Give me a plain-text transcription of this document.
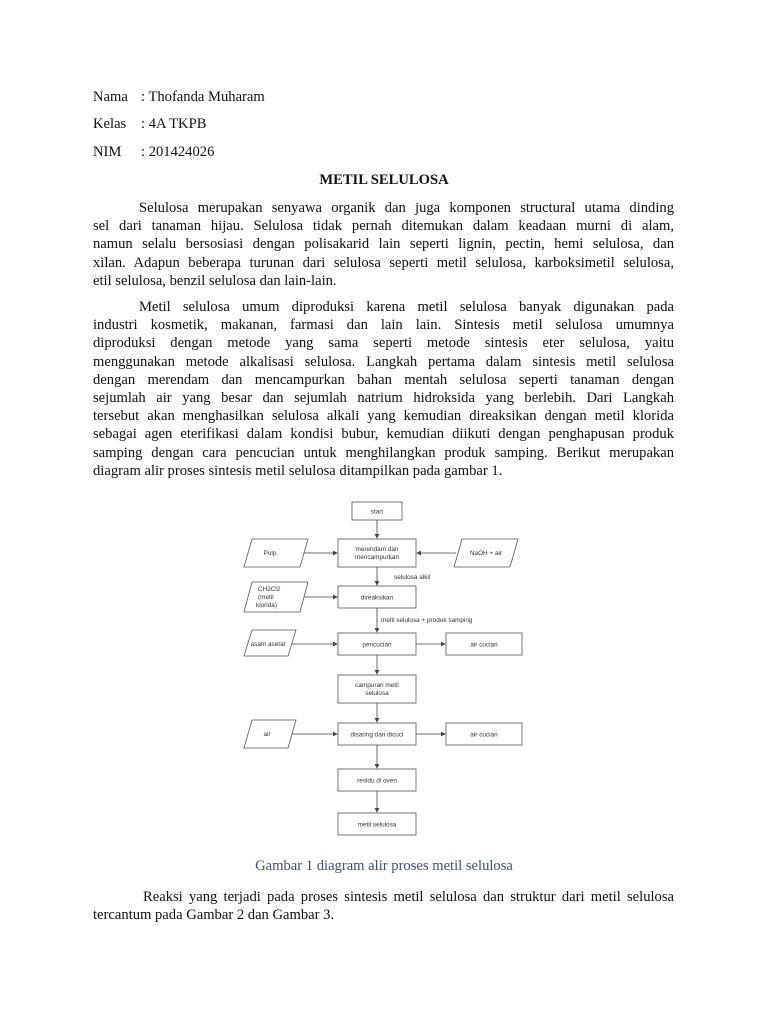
Nama : Thofanda Muharam
Kelas : 4A TKPB
NIM : 201424026
METIL SELULOSA
Selulosa merupakan senyawa organik dan juga komponen structural utama dinding
sel dari tanaman hijau. Selulosa tidak pernah ditemukan dalam keadaan murni di alam,
namun selalu bersosiasi dengan polisakarid lain seperti lignin, pectin, hemi selulosa, dan
xilan. Adapun beberapa turunan dari selulosa seperti metil selulosa, karboksimetil selulosa,
etil selulosa, benzil selulosa dan lain-lain.
Metil selulosa umum diproduksi karena metil selulosa banyak digunakan pada
industri kosmetik, makanan, farmasi dan lain lain. Sintesis metil selulosa umumnya
diproduksi dengan metode yang sama seperti metode sintesis eter selulosa, yaitu
menggunakan metode alkalisasi selulosa. Langkah pertama dalam sintesis metil selulosa
dengan merendam dan mencampurkan bahan mentah selulosa seperti tanaman dengan
sejumlah air yang besar dan sejumlah natrium hidroksida yang berlebih. Dari Langkah
tersebut akan menghasilkan selulosa alkali yang kemudian direaksikan dengan metil klorida
sebagai agen eterifikasi dalam kondisi bubur, kemudian diikuti dengan penghapusan produk
samping dengan cara pencucian untuk menghilangkan produk samping. Berikut merupakan
diagram alir proses sintesis metil selulosa ditampilkan pada gambar 1.
start
merendam dan
mencampurkan
Pulp	NaOH + air
selulosa alkil
direaksikan
CH2Cl2
(metil
klorida)
metil selulosa + produk samping
pencucian
asam asetat	air cucian
campuran metil
selulosa
disaring dan dicuci
air	air cucian
residu di oven
metil selulosa
Gambar 1 diagram alir proses metil selulosa
Reaksi yang terjadi pada proses sintesis metil selulosa dan struktur dari metil selulosa
tercantum pada Gambar 2 dan Gambar 3.
